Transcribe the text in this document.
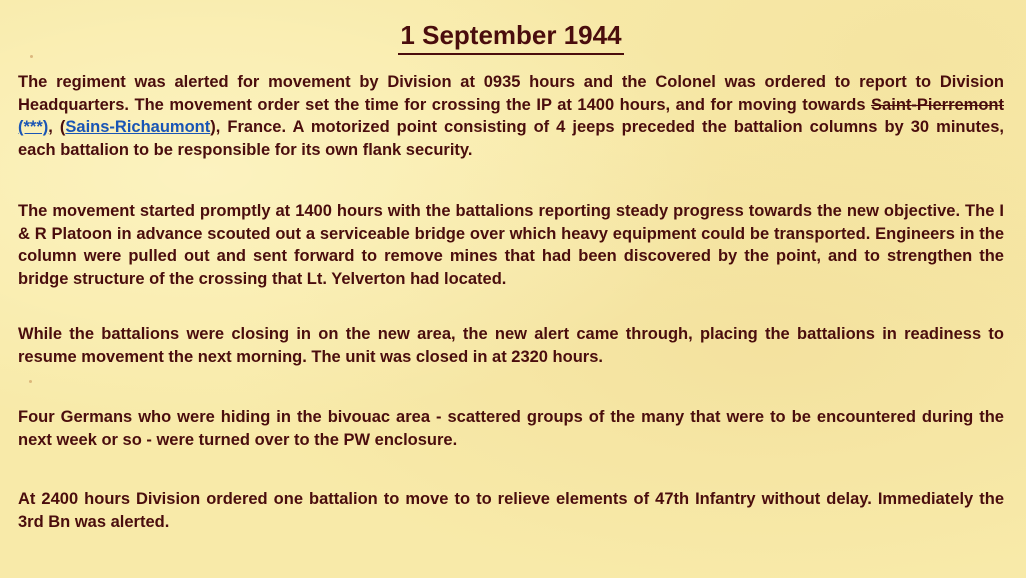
1 September 1944

The regiment was alerted for movement by Division at 0935 hours and the Colonel was ordered to report to Division Headquarters. The movement order set the time for crossing the IP at 1400 hours, and for moving towards Saint-Pierremont (***), (Sains-Richaumont), France. A motorized point consisting of 4 jeeps preceded the battalion columns by 30 minutes, each battalion to be responsible for its own flank security.

The movement started promptly at 1400 hours with the battalions reporting steady progress towards the new objective. The I & R Platoon in advance scouted out a serviceable bridge over which heavy equipment could be transported. Engineers in the column were pulled out and sent forward to remove mines that had been discovered by the point, and to strengthen the bridge structure of the crossing that Lt. Yelverton had located.

While the battalions were closing in on the new area, the new alert came through, placing the battalions in readiness to resume movement the next morning. The unit was closed in at 2320 hours.

Four Germans who were hiding in the bivouac area - scattered groups of the many that were to be encountered during the next week or so - were turned over to the PW enclosure.

At 2400 hours Division ordered one battalion to move to to relieve elements of 47th Infantry without delay. Immediately the 3rd Bn was alerted.
